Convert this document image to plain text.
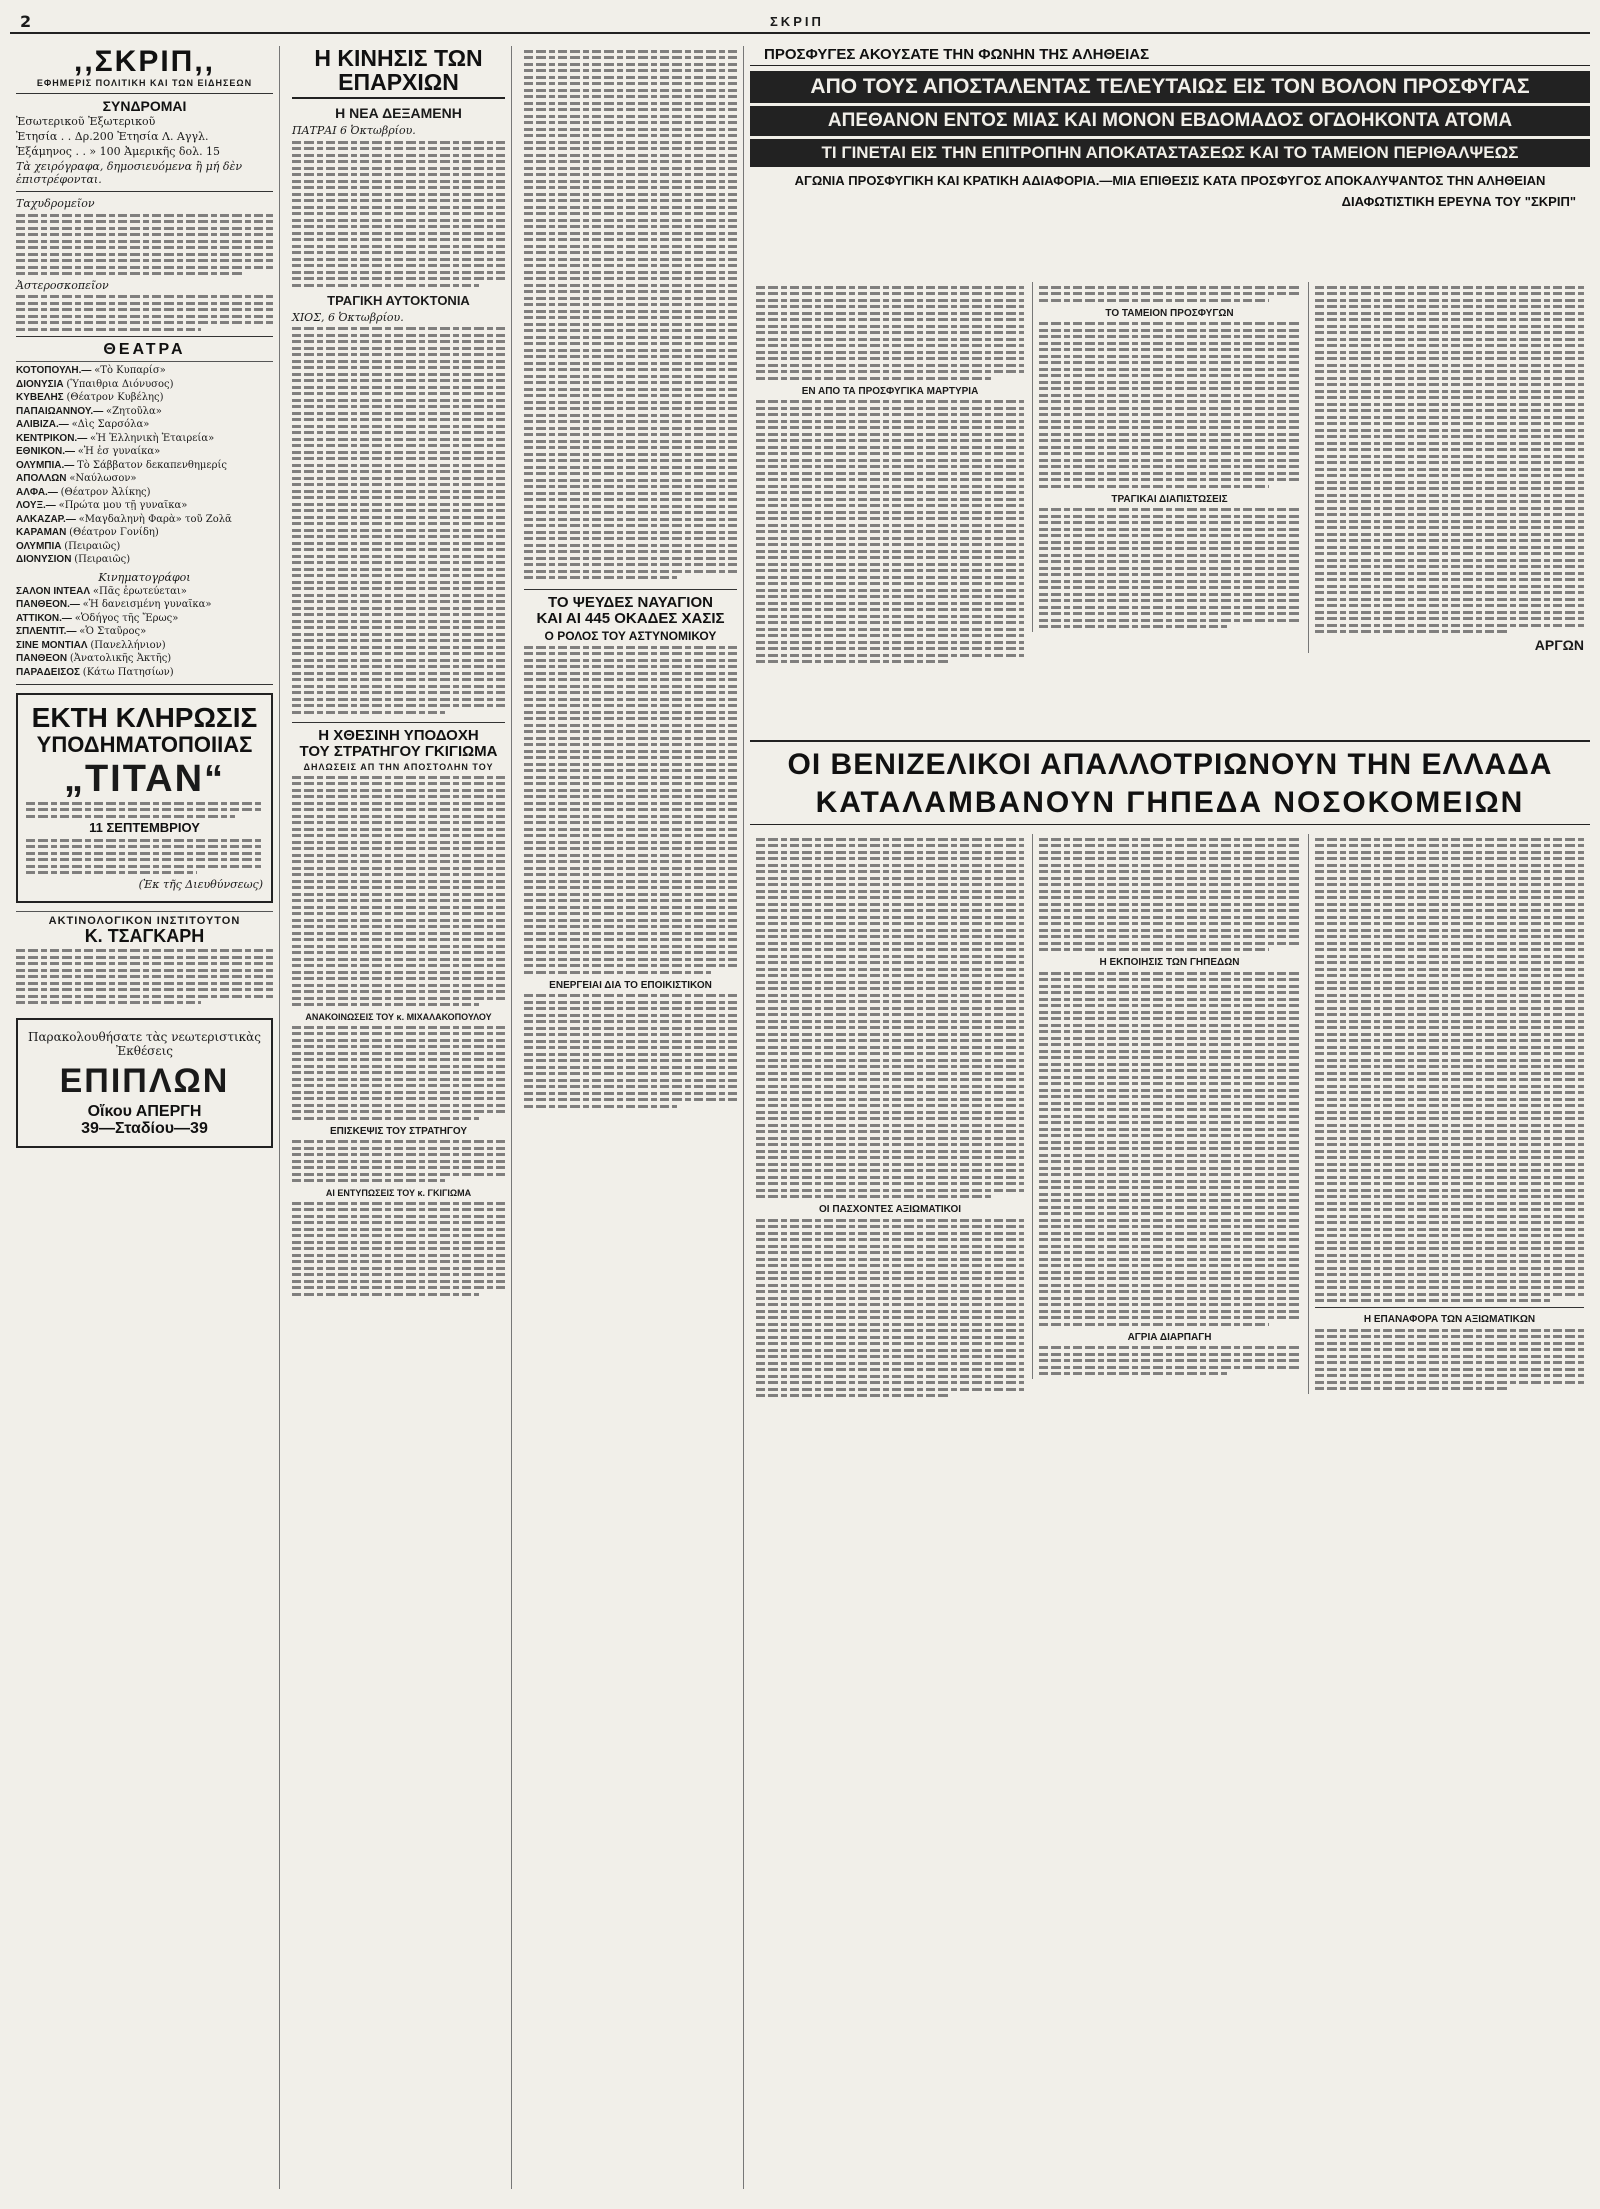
2	ΣΚΡΙΠ
,,ΣΚΡΙΠ,,
ΕΦΗΜΕΡΙΣ ΠΟΛΙΤΙΚΗ ΚΑΙ ΤΩΝ ΕΙΔΗΣΕΩΝ
ΣΥΝΔΡΟΜΑΙ
Ἐσωτερικοῦ Ἐξωτερικοῦ
Ἐτησία . . Δρ.200 Ἐτησία Λ. Αγγλ.
Ἑξάμηνος . . » 100 Ἀμερικῆς δολ. 15
Τὰ χειρόγραφα, δημοσιευόμενα ἢ μή δὲν ἐπιστρέφονται.
Ταχυδρομεῖον
Ἀστεροσκοπεῖον
ΘΕΑΤΡΑ
ΚΟΤΟΠΟΥΛΗ.— «Τὸ Κυπαρίσ»
ΔΙΟΝΥΣΙΑ (Ὑπαιθρια Διόνυσος)
ΚΥΒΕΛΗΣ (Θέατρον Κυβέλης)
ΠΑΠΑΙΩΑΝΝΟΥ.— «Ζητοῦλα»
ΑΛΙΒΙΖΑ.— «Δὶς Σαρσόλα»
ΚΕΝΤΡΙΚΟΝ.— «Ἡ Ἑλληνικὴ Ἑταιρεία»
ΕΘΝΙΚΟΝ.— «Ἡ ἐσ γυναίκα»
ΟΛΥΜΠΙΑ.— Τὸ Σάββατον δεκαπενθημερίς
ΑΠΟΛΛΩΝ «Ναύλωσον»
ΑΛΦΑ.— (Θέατρον Ἀλίκης)
ΛΟΥΞ.— «Πρώτα μου τῇ γυναῖκα»
ΑΛΚΑΖΑΡ.— «Μαγδαληνὴ Φαρὰ» τοῦ Ζολᾶ
ΚΑΡΑΜΑΝ (Θέατρον Γονίδη)
ΟΛΥΜΠΙΑ (Πειραιῶς)
ΔΙΟΝΥΣΙΟΝ (Πειραιῶς)
Κινηματογράφοι
ΣΑΛΟΝ ΙΝΤΕΑΛ «Πᾶς ἐρωτεύεται»
ΠΑΝΘΕΟΝ.— «Ἡ δανεισμένη γυναῖκα»
ΑΤΤΙΚΟΝ.— «Ὁδήγος τῆς Ἔρως»
ΣΠΛΕΝΤΙΤ.— «Ὁ Σταῦρος»
ΣΙΝΕ ΜΟΝΤΙΑΛ (Πανελλήνιον)
ΠΑΝΘΕΟΝ (Ἀνατολικῆς Ἀκτῆς)
ΠΑΡΑΔΕΙΣΟΣ (Κάτω Πατησίων)
ΕΚΤΗ ΚΛΗΡΩΣΙΣ
ΥΠΟΔΗΜΑΤΟΠΟΙΙΑΣ
„ΤΙΤΑΝ“
11 ΣΕΠΤΕΜΒΡΙΟΥ
(Ἐκ τῆς Διευθύνσεως)
ΑΚΤΙΝΟΛΟΓΙΚΟΝ ΙΝΣΤΙΤΟΥΤΟΝ
Κ. ΤΣΑΓΚΑΡΗ
Παρακολουθήσατε τὰς νεωτεριστικὰς Ἐκθέσεις
ΕΠΙΠΛΩΝ
Οἴκου ΑΠΕΡΓΗ
39—Σταδίου—39
Η ΚΙΝΗΣΙΣ ΤΩΝ ΕΠΑΡΧΙΩΝ
Η ΝΕΑ ΔΕΞΑΜΕΝΗ
ΠΑΤΡΑΙ 6 Ὀκτωβρίου.
ΤΡΑΓΙΚΗ ΑΥΤΟΚΤΟΝΙΑ
ΧΙΟΣ, 6 Ὀκτωβρίου.
Η ΧΘΕΣΙΝΗ ΥΠΟΔΟΧΗ
ΤΟΥ ΣΤΡΑΤΗΓΟΥ ΓΚΙΓΙΩΜΑ
ΔΗΛΩΣΕΙΣ ΑΠ ΤΗΝ ΑΠΟΣΤΟΛΗΝ ΤΟΥ
ΑΝΑΚΟΙΝΩΣΕΙΣ ΤΟΥ κ. ΜΙΧΑΛΑΚΟΠΟΥΛΟΥ
ΕΠΙΣΚΕΨΙΣ ΤΟΥ ΣΤΡΑΤΗΓΟΥ
ΑΙ ΕΝΤΥΠΩΣΕΙΣ ΤΟΥ κ. ΓΚΙΓΙΩΜΑ
ΤΟ ΨΕΥΔΕΣ ΝΑΥΑΓΙΟΝ
ΚΑΙ ΑΙ 445 ΟΚΑΔΕΣ ΧΑΣΙΣ
Ο ΡΟΛΟΣ ΤΟΥ ΑΣΤΥΝΟΜΙΚΟΥ
ΕΝΕΡΓΕΙΑΙ ΔΙΑ ΤΟ ΕΠΟΙΚΙΣΤΙΚΟΝ
ΠΡΟΣΦΥΓΕΣ ΑΚΟΥΣΑΤΕ ΤΗΝ ΦΩΝΗΝ ΤΗΣ ΑΛΗΘΕΙΑΣ
ΑΠΟ ΤΟΥΣ ΑΠΟΣΤΑΛΕΝΤΑΣ ΤΕΛΕΥΤΑΙΩΣ ΕΙΣ ΤΟΝ ΒΟΛΟΝ ΠΡΟΣΦΥΓΑΣ
ΑΠΕΘΑΝΟΝ ΕΝΤΟΣ ΜΙΑΣ ΚΑΙ ΜΟΝΟΝ ΕΒΔΟΜΑΔΟΣ ΟΓΔΟΗΚΟΝΤΑ ΑΤΟΜΑ
ΤΙ ΓΙΝΕΤΑΙ ΕΙΣ ΤΗΝ ΕΠΙΤΡΟΠΗΝ ΑΠΟΚΑΤΑΣΤΑΣΕΩΣ ΚΑΙ ΤΟ ΤΑΜΕΙΟΝ ΠΕΡΙΘΑΛΨΕΩΣ
ΑΓΩΝΙΑ ΠΡΟΣΦΥΓΙΚΗ ΚΑΙ ΚΡΑΤΙΚΗ ΑΔΙΑΦΟΡΙΑ.—ΜΙΑ ΕΠΙΘΕΣΙΣ ΚΑΤΑ ΠΡΟΣΦΥΓΟΣ ΑΠΟΚΑΛΥΨΑΝΤΟΣ ΤΗΝ ΑΛΗΘΕΙΑΝ
ΔΙΑΦΩΤΙΣΤΙΚΗ ΕΡΕΥΝΑ ΤΟΥ "ΣΚΡΙΠ"
ΕΝ ΑΠΟ ΤΑ ΠΡΟΣΦΥΓΙΚΑ ΜΑΡΤΥΡΙΑ
ΤΟ ΤΑΜΕΙΟΝ ΠΡΟΣΦΥΓΩΝ
ΤΡΑΓΙΚΑΙ ΔΙΑΠΙΣΤΩΣΕΙΣ
ΑΡΓΩΝ
ΟΙ ΒΕΝΙΖΕΛΙΚΟΙ ΑΠΑΛΛΟΤΡΙΩΝΟΥΝ ΤΗΝ ΕΛΛΑΔΑ
ΚΑΤΑΛΑΜΒΑΝΟΥΝ ΓΗΠΕΔΑ ΝΟΣΟΚΟΜΕΙΩΝ
ΟΙ ΠΑΣΧΟΝΤΕΣ ΑΞΙΩΜΑΤΙΚΟΙ
Η ΕΚΠΟΙΗΣΙΣ ΤΩΝ ΓΗΠΕΔΩΝ
ΑΓΡΙΑ ΔΙΑΡΠΑΓΗ
Η ΕΠΑΝΑΦΟΡΑ ΤΩΝ ΑΞΙΩΜΑΤΙΚΩΝ
